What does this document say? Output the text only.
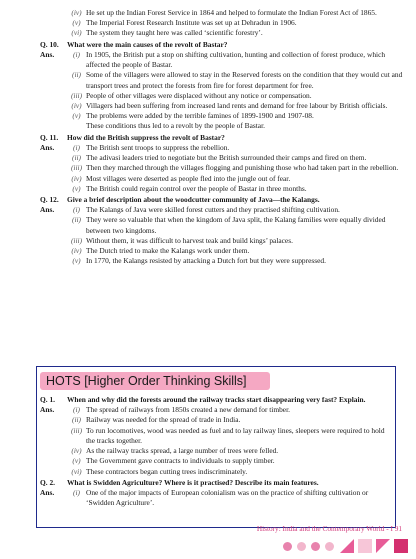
(iv) He set up the Indian Forest Service in 1864 and helped to formulate the Indian Forest Act of 1865.
(v) The Imperial Forest Research Institute was set up at Dehradun in 1906.
(vi) The system they taught here was called ‘scientific forestry’.
Q. 10.	What were the main causes of the revolt of Bastar?
Ans.	(i) In 1905, the British put a stop on shifting cultivation, hunting and collection of forest produce, which affected the people of Bastar.
(ii) Some of the villagers were allowed to stay in the Reserved forests on the condition that they would cut and transport trees and protect the forests from fire for forest department for free.
(iii) People of other villages were displaced without any notice or compensation.
(iv) Villagers had been suffering from increased land rents and demand for free labour by British officials.
(v) The problems were added by the terrible famines of 1899-1900 and 1907-08.
These conditions thus led to a revolt by the people of Bastar.
Q. 11.	How did the British suppress the revolt of Bastar?
Ans.	(i) The British sent troops to suppress the rebellion.
(ii) The adivasi leaders tried to negotiate but the British surrounded their camps and fired on them.
(iii) Then they marched through the villages flogging and punishing those who had taken part in the rebellion.
(iv) Most villages were deserted as people fled into the jungle out of fear.
(v) The British could regain control over the people of Bastar in three months.
Q. 12.	Give a brief description about the woodcutter community of Java—the Kalangs.
Ans.	(i) The Kalangs of Java were skilled forest cutters and they practised shifting cultivation.
(ii) They were so valuable that when the kingdom of Java split, the Kalang families were equally divided between two kingdoms.
(iii) Without them, it was difficult to harvest teak and build kings’ palaces.
(iv) The Dutch tried to make the Kalangs work under them.
(v) In 1770, the Kalangs resisted by attacking a Dutch fort but they were suppressed.
HOTS [Higher Order Thinking Skills]
Q. 1.	When and why did the forests around the railway tracks start disappearing very fast? Explain.
Ans.	(i) The spread of railways from 1850s created a new demand for timber.
(ii) Railway was needed for the spread of trade in India.
(iii) To run locomotives, wood was needed as fuel and to lay railway lines, sleepers were required to hold the tracks together.
(iv) As the railway tracks spread, a large number of trees were felled.
(v) The Government gave contracts to individuals to supply timber.
(vi) These contractors began cutting trees indiscriminately.
Q. 2.	What is Swidden Agriculture? Where is it practised? Describe its main features.
Ans.	(i) One of the major impacts of European colonialism was on the practice of shifting cultivation or ‘Swidden Agriculture’.
History: India and the Contemporary World - I 91
